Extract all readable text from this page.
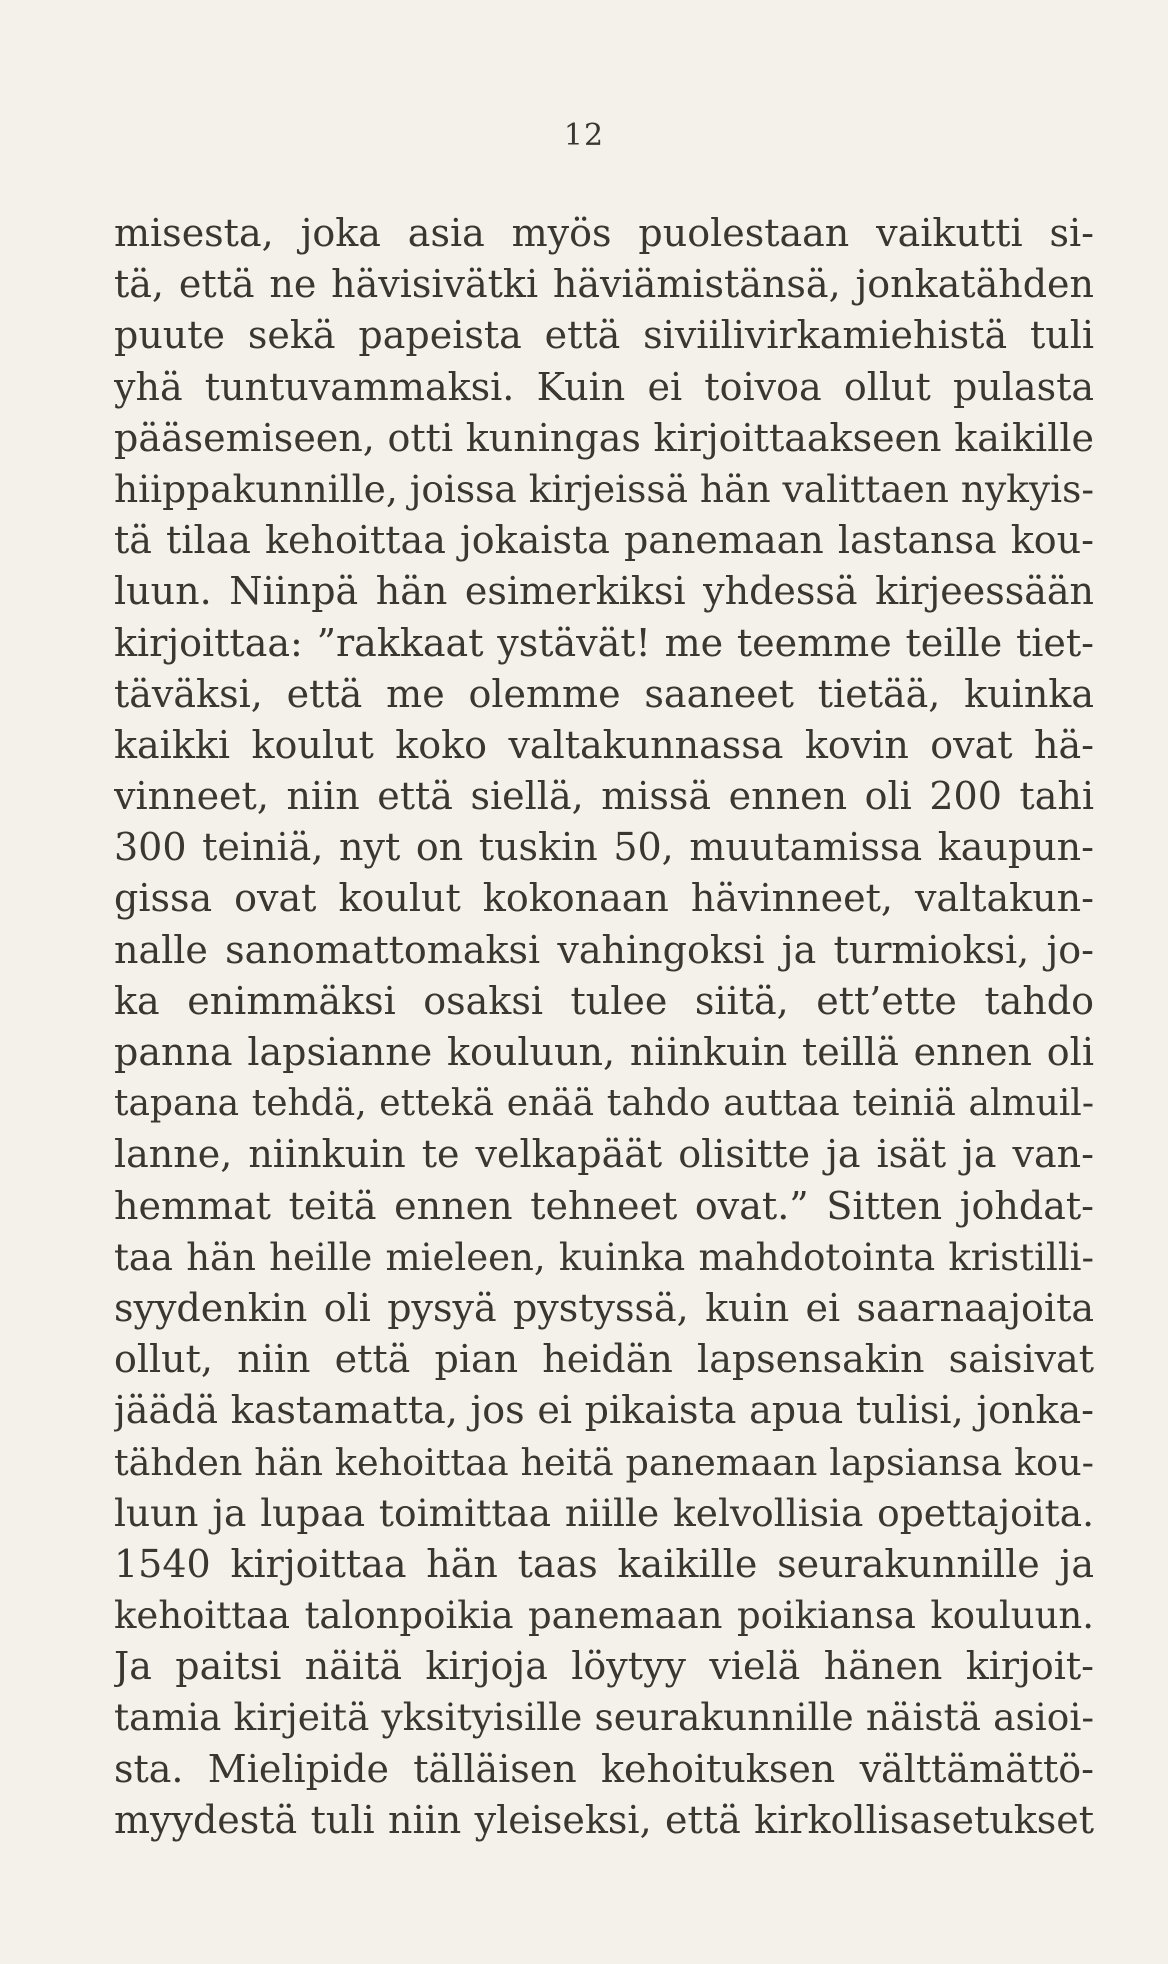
12
misesta, joka asia myös puolestaan vaikutti si-
tä, että ne hävisivätki häviämistänsä, jonkatähden
puute sekä papeista että siviilivirkamiehistä tuli
yhä tuntuvammaksi. Kuin ei toivoa ollut pulasta
pääsemiseen, otti kuningas kirjoittaakseen kaikille
hiippakunnille, joissa kirjeissä hän valittaen nykyis-
tä tilaa kehoittaa jokaista panemaan lastansa kou-
luun. Niinpä hän esimerkiksi yhdessä kirjeessään
kirjoittaa: ”rakkaat ystävät! me teemme teille tiet-
täväksi, että me olemme saaneet tietää, kuinka
kaikki koulut koko valtakunnassa kovin ovat hä-
vinneet, niin että siellä, missä ennen oli 200 tahi
300 teiniä, nyt on tuskin 50, muutamissa kaupun-
gissa ovat koulut kokonaan hävinneet, valtakun-
nalle sanomattomaksi vahingoksi ja turmioksi, jo-
ka enimmäksi osaksi tulee siitä, ett’ette tahdo
panna lapsianne kouluun, niinkuin teillä ennen oli
tapana tehdä, ettekä enää tahdo auttaa teiniä almuil-
lanne, niinkuin te velkapäät olisitte ja isät ja van-
hemmat teitä ennen tehneet ovat.” Sitten johdat-
taa hän heille mieleen, kuinka mahdotointa kristilli-
syydenkin oli pysyä pystyssä, kuin ei saarnaajoita
ollut, niin että pian heidän lapsensakin saisivat
jäädä kastamatta, jos ei pikaista apua tulisi, jonka-
tähden hän kehoittaa heitä panemaan lapsiansa kou-
luun ja lupaa toimittaa niille kelvollisia opettajoita.
1540 kirjoittaa hän taas kaikille seurakunnille ja
kehoittaa talonpoikia panemaan poikiansa kouluun.
Ja paitsi näitä kirjoja löytyy vielä hänen kirjoit-
tamia kirjeitä yksityisille seurakunnille näistä asioi-
sta. Mielipide tälläisen kehoituksen välttämättö-
myydestä tuli niin yleiseksi, että kirkollisasetukset
